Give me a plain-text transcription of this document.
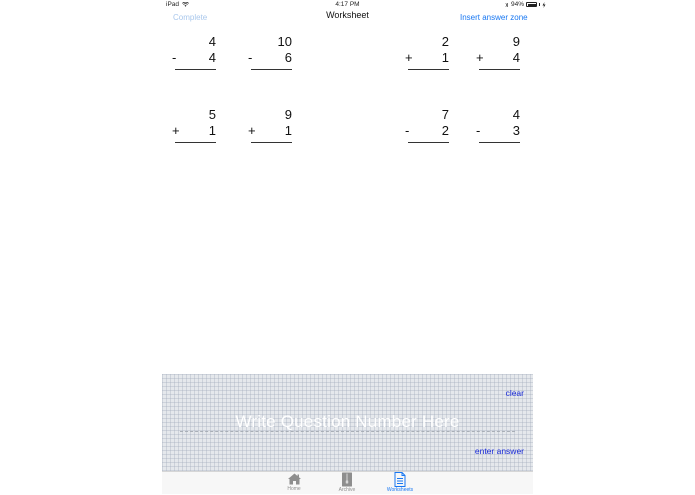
iPad	4:17 PM	94%
Complete	Worksheet	Insert answer zone
4
- 4
10
- 6
2
+ 1
9
+ 4
5
+ 1
9
+ 1
7
- 2
4
- 3
clear
Write Question Number Here
enter answer
Home	Archive	Worksheets
